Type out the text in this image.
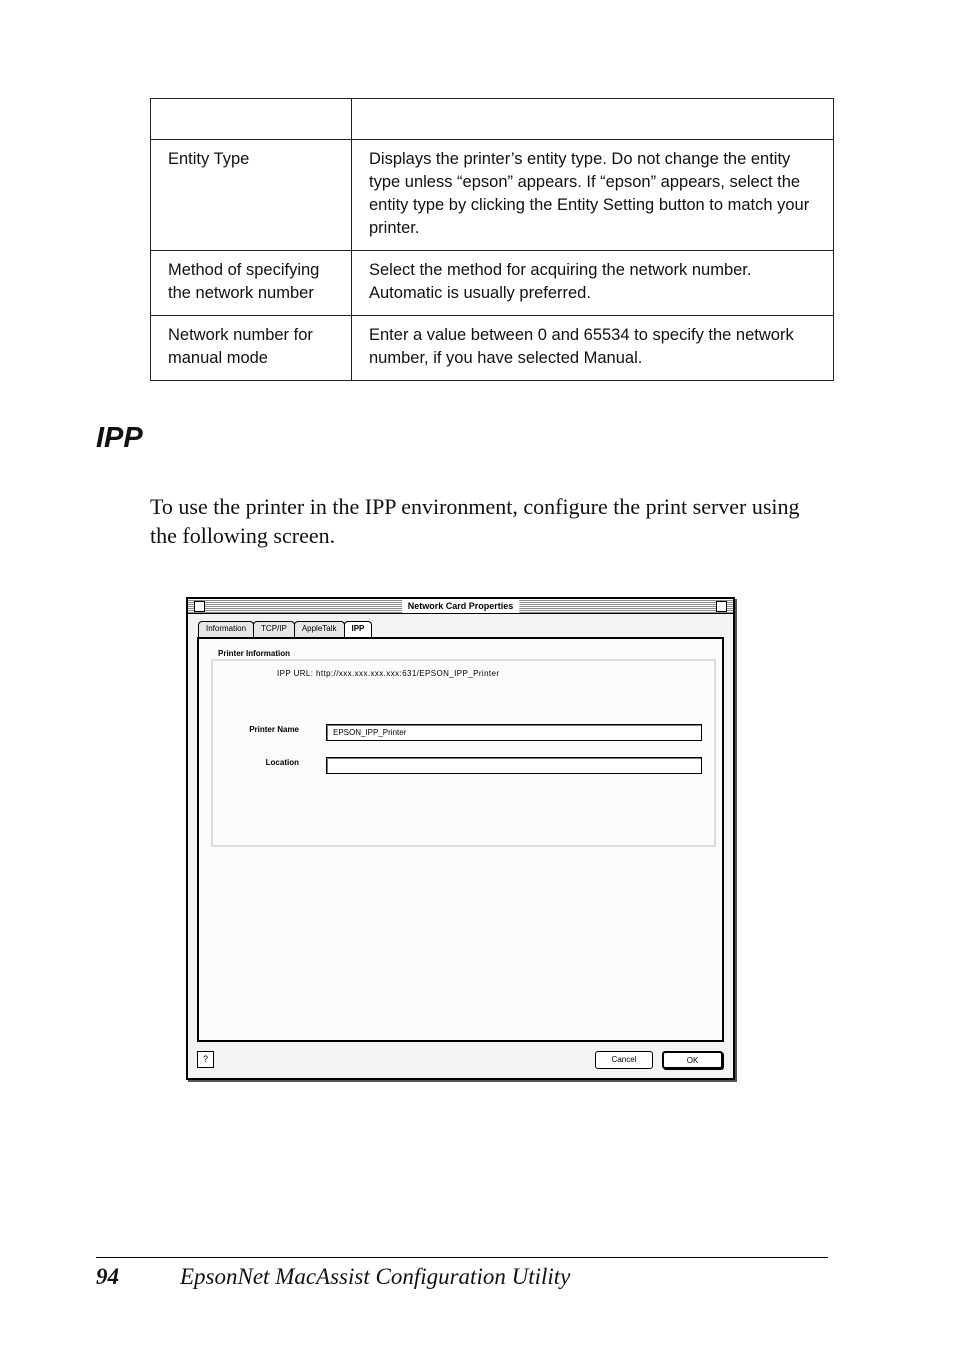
Entity Type	Displays the printer’s entity type. Do not change the entity type unless “epson” appears. If “epson” appears, select the entity type by clicking the Entity Setting button to match your printer.
Method of specifying the network number	Select the method for acquiring the network number. Automatic is usually preferred.
Network number for manual mode	Enter a value between 0 and 65534 to specify the network number, if you have selected Manual.
IPP

To use the printer in the IPP environment, configure the print server using the following screen.

Network Card Properties
Information	TCP/IP	AppleTalk	IPP
Printer Information
IPP URL: http://xxx.xxx.xxx.xxx:631/EPSON_IPP_Printer
Printer Name	EPSON_IPP_Printer
Location
?	Cancel	OK

94	EpsonNet MacAssist Configuration Utility
